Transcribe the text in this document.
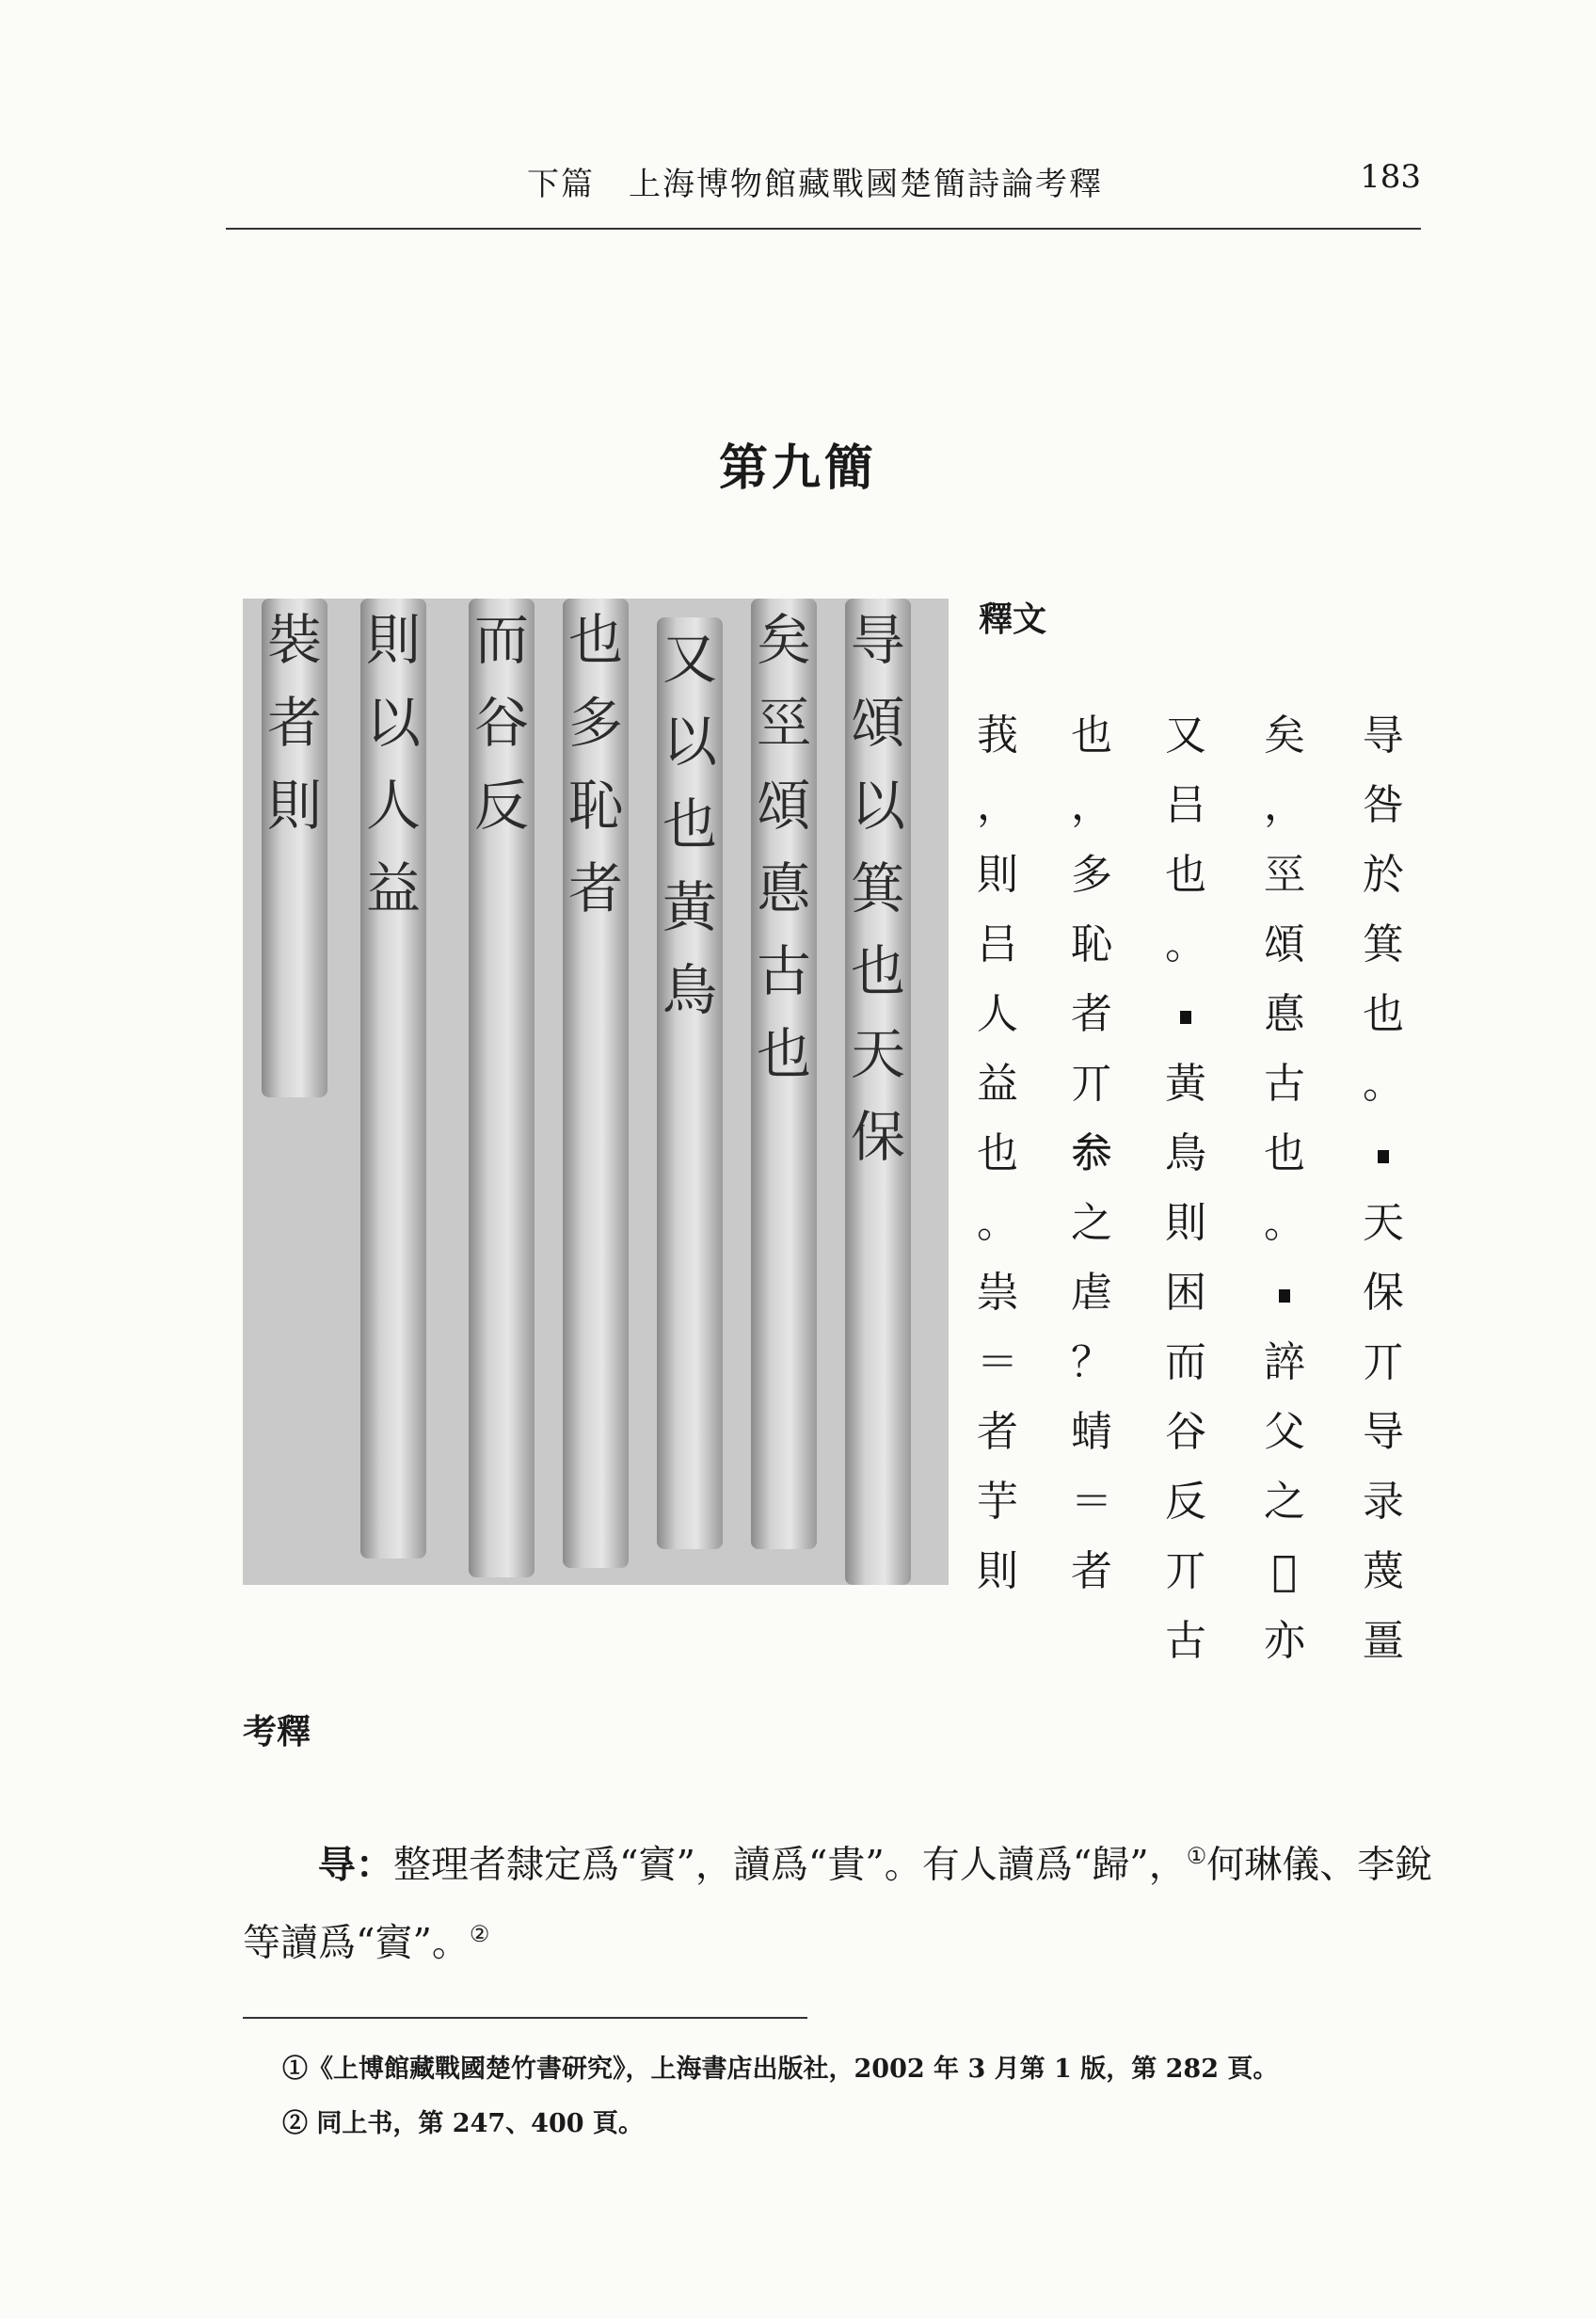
下篇　上海博物館藏戰國楚簡詩論考釋	183
第九簡
㝵
頌
以
箕
也
天
保
矣
巠
頌
悳
古
也
又
以
也
黃
鳥
也
多
恥
者
而
谷
反
則
以
人
益
裝
者
則
釋文
㝵
咎
於
箕
也
。
天
保
丌
导
录
蔑
畺
矣
，
巠
頌
悳
古
也
。
誶
父
之
𧾭
亦
又
吕
也
。
黃
鳥
則
困
而
谷
反
丌
古
也
，
多
恥
者
丌
𠫵
之
虐
？
蜻
＝
者
莪
，
則
吕
人
益
也
。
祟
＝
者
芋
則
考釋
㝵：整理者隸定爲“賨”，讀爲“貴”。有人讀爲“歸”，①何琳儀、李銳等讀爲“賨”。②
①《上博館藏戰國楚竹書研究》，上海書店出版社，2002 年 3 月第 1 版，第 282 頁。
② 同上书，第 247、400 頁。
